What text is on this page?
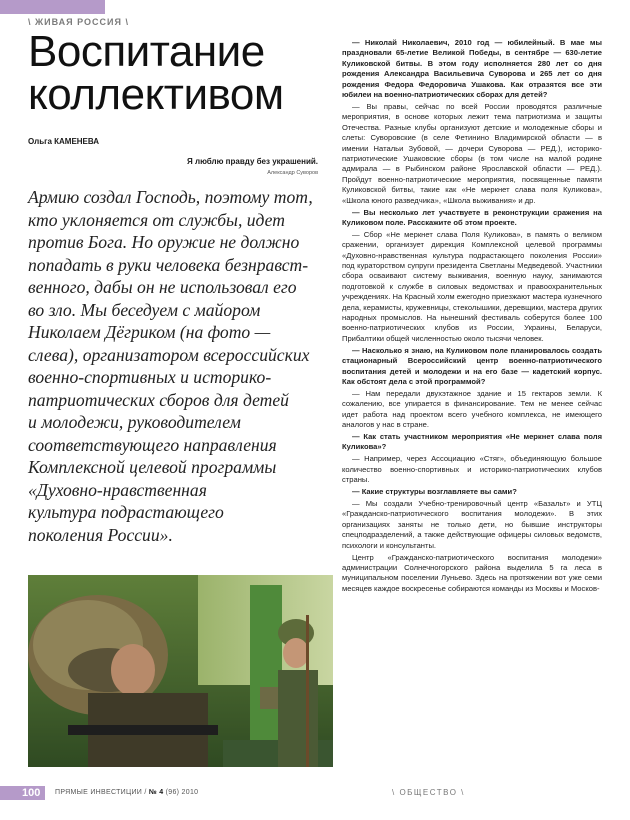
\ ЖИВАЯ РОССИЯ \
Воспитание
коллективом
Ольга КАМЕНЕВА
Я люблю правду без украшений.
Александр Суворов

Армию создал Господь, поэтому тот,
кто уклоняется от службы, идет
против Бога. Но оружие не должно
попадать в руки человека безнравст-
венного, дабы он не использовал его
во зло. Мы беседуем с майором
Николаем Дёгриком (на фото —
слева), организатором всероссийских
военно-спортивных и историко-
патриотических сборов для детей
и молодежи, руководителем
соответствующего направления
Комплексной целевой программы
«Духовно-нравственная
культура подрастающего
поколения России».

— Николай Николаевич, 2010 год — юбилейный. В мае мы праздновали 65-летие Великой Победы, в сентябре — 630-летие Куликовской битвы. В этом году исполняется 280 лет со дня рождения Александра Васильевича Суворова и 265 лет со дня рождения Федора Федоровича Ушакова. Как отразятся все эти юбилеи на военно-патриотических сборах для детей?

— Вы правы, сейчас по всей России проводятся различные мероприятия, в основе которых лежит тема патриотизма и защиты Отечества. Разные клубы организуют детские и молодежные сборы и слеты: Суворовские (в селе Фетинино Владимирской области — в имении Натальи Зубовой, — дочери Суворова — РЕД.), историко-патриотические Ушаковские сборы (в том числе на малой родине адмирала — в Рыбинском районе Ярославской области — РЕД.). Пройдут военно-патриотические мероприятия, посвященные памяти Куликовской битвы, такие как «Не меркнет слава поля Куликова», «Школа юного разведчика», «Школа выживания» и др.

— Вы несколько лет участвуете в реконструкции сражения на Куликовом поле. Расскажите об этом проекте.

— Сбор «Не меркнет слава Поля Куликова», в память о великом сражении, организует дирекция Комплексной целевой программы «Духовно-нравственная культура подрастающего поколения России» под кураторством супруги президента Светланы Медведевой. Участники сбора осваивают систему выживания, военную науку, занимаются подготовкой к службе в силовых ведомствах и правоохранительных учреждениях. На Красный холм ежегодно приезжают мастера кузнечного дела, керамисты, кружевницы, стеколышики, деревщики, мастера других народных промыслов. На нынешний фестиваль соберутся более 100 военно-патриотических клубов из России, Украины, Беларуси, Прибалтики общей численностью около тысячи человек.

— Насколько я знаю, на Куликовом поле планировалось создать стационарный Всероссийский центр военно-патриотического воспитания детей и молодежи и на его базе — кадетский корпус. Как обстоят дела с этой программой?

— Нам передали двухэтажное здание и 15 гектаров земли. К сожалению, все упирается в финансирование. Тем не менее сейчас идет работа над проектом всего учебного комплекса, не имеющего аналогов у нас в стране.

— Как стать участником мероприятия «Не меркнет слава поля Куликова»?

— Например, через Ассоциацию «Стяг», объединяющую большое количество военно-спортивных и историко-патриотических клубов страны.

— Какие структуры возглавляете вы сами?

— Мы создали Учебно-тренировочный центр «Базальт» и УТЦ «Гражданско-патриотического воспитания молодежи». В этих организациях заняты не только дети, но бывшие инструкторы спецподразделений, а также действующие офицеры силовых ведомств, психологи и консультанты.

Центр «Гражданско-патриотического воспитания молодежи» администрации Солнечногорского района выделила 5 га леса в муниципальном поселении Луньево. Здесь на протяжении вот уже семи месяцев каждое воскресенье собираются команды из Москвы и Москов-

100 ПРЯМЫЕ ИНВЕСТИЦИИ / № 4 (96) 2010	\ ОБЩЕСТВО \
